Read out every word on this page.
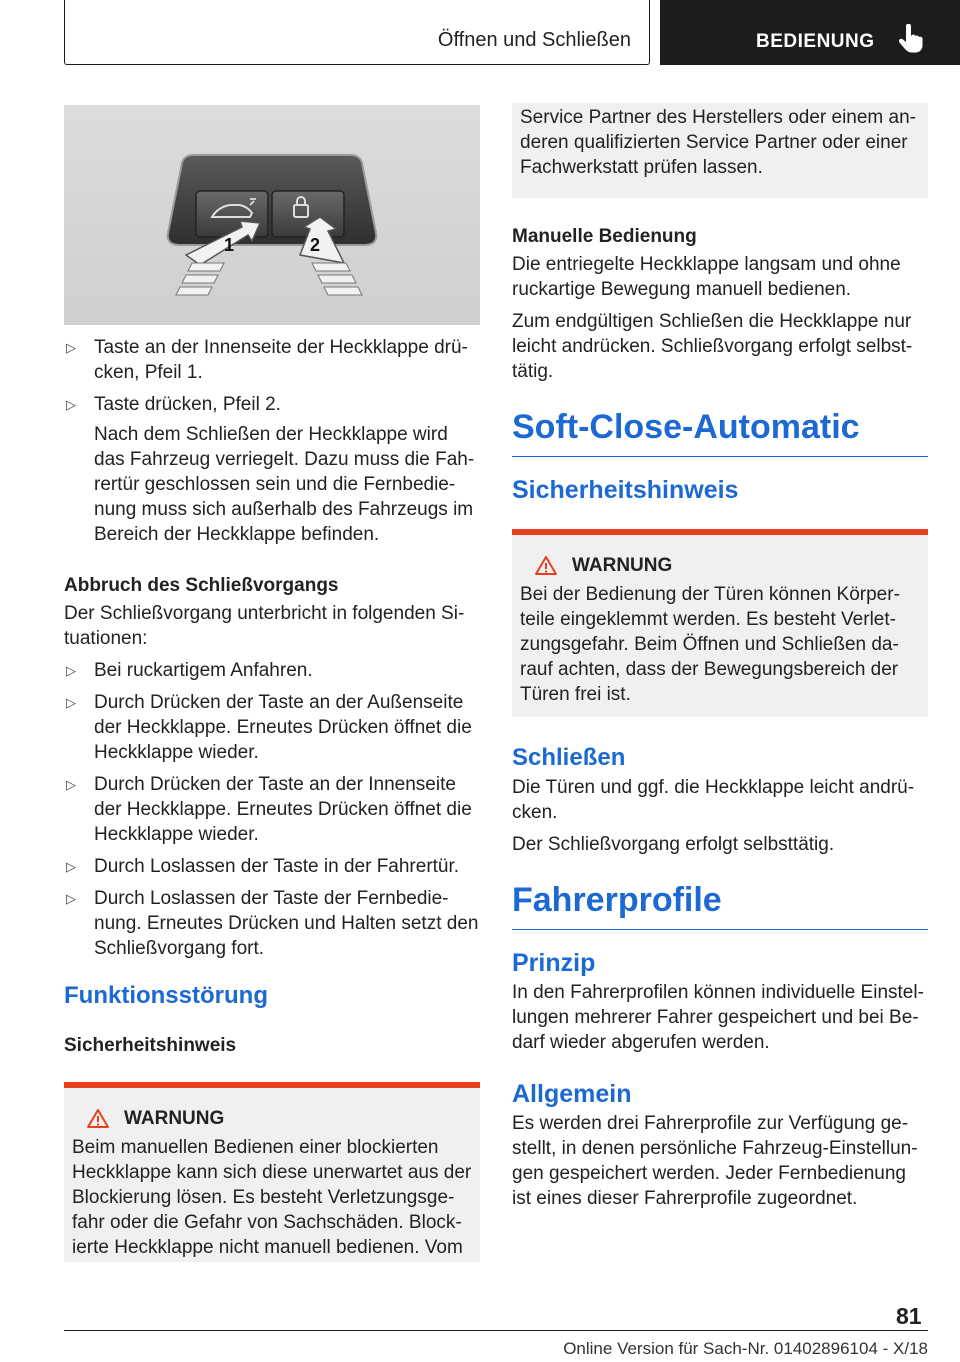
Öffnen und Schließen	BEDIENUNG
1	2
▷ Taste an der Innenseite der Heckklappe drü- cken, Pfeil 1.

▷ Taste drücken, Pfeil 2.

Nach dem Schließen der Heckklappe wird das Fahrzeug verriegelt. Dazu muss die Fah-rertür geschlossen sein und die Fernbedie-nung muss sich außerhalb des Fahrzeugs im Bereich der Heckklappe befinden.

Abbruch des Schließvorgangs
Der Schließvorgang unterbricht in folgenden Si-tuationen:
▷ Bei ruckartigem Anfahren.

▷ Durch Drücken der Taste an der Außenseite der Heckklappe. Erneutes Drücken öffnet die Heckklappe wieder.

▷ Durch Drücken der Taste an der Innenseite der Heckklappe. Erneutes Drücken öffnet die Heckklappe wieder.

▷ Durch Loslassen der Taste in der Fahrertür.

▷ Durch Loslassen der Taste der Fernbedie-nung. Erneutes Drücken und Halten setzt den Schließvorgang fort.

Funktionsstörung
Sicherheitshinweis
WARNUNG

Beim manuellen Bedienen einer blockierten Heckklappe kann sich diese unerwartet aus der Blockierung lösen. Es besteht Verletzungsge-fahr oder die Gefahr von Sachschäden. Block-ierte Heckklappe nicht manuell bedienen. Vom

Service Partner des Herstellers oder einem an-deren qualifizierten Service Partner oder einer Fachwerkstatt prüfen lassen.

Manuelle Bedienung
Die entriegelte Heckklappe langsam und ohne ruckartige Bewegung manuell bedienen.
Zum endgültigen Schließen die Heckklappe nur leicht andrücken. Schließvorgang erfolgt selbst-tätig.
Soft-Close-Automatic
Sicherheitshinweis
WARNUNG

Bei der Bedienung der Türen können Körper-teile eingeklemmt werden. Es besteht Verlet-zungsgefahr. Beim Öffnen und Schließen da-rauf achten, dass der Bewegungsbereich der Türen frei ist.

Schließen
Die Türen und ggf. die Heckklappe leicht andrü-cken.
Der Schließvorgang erfolgt selbsttätig.
Fahrerprofile
Prinzip
In den Fahrerprofilen können individuelle Einstel-lungen mehrerer Fahrer gespeichert und bei Be-darf wieder abgerufen werden.
Allgemein
Es werden drei Fahrerprofile zur Verfügung ge-stellt, in denen persönliche Fahrzeug-Einstellun-gen gespeichert werden. Jeder Fernbedienung ist eines dieser Fahrerprofile zugeordnet.
81
Online Version für Sach-Nr. 01402896104 - X/18
